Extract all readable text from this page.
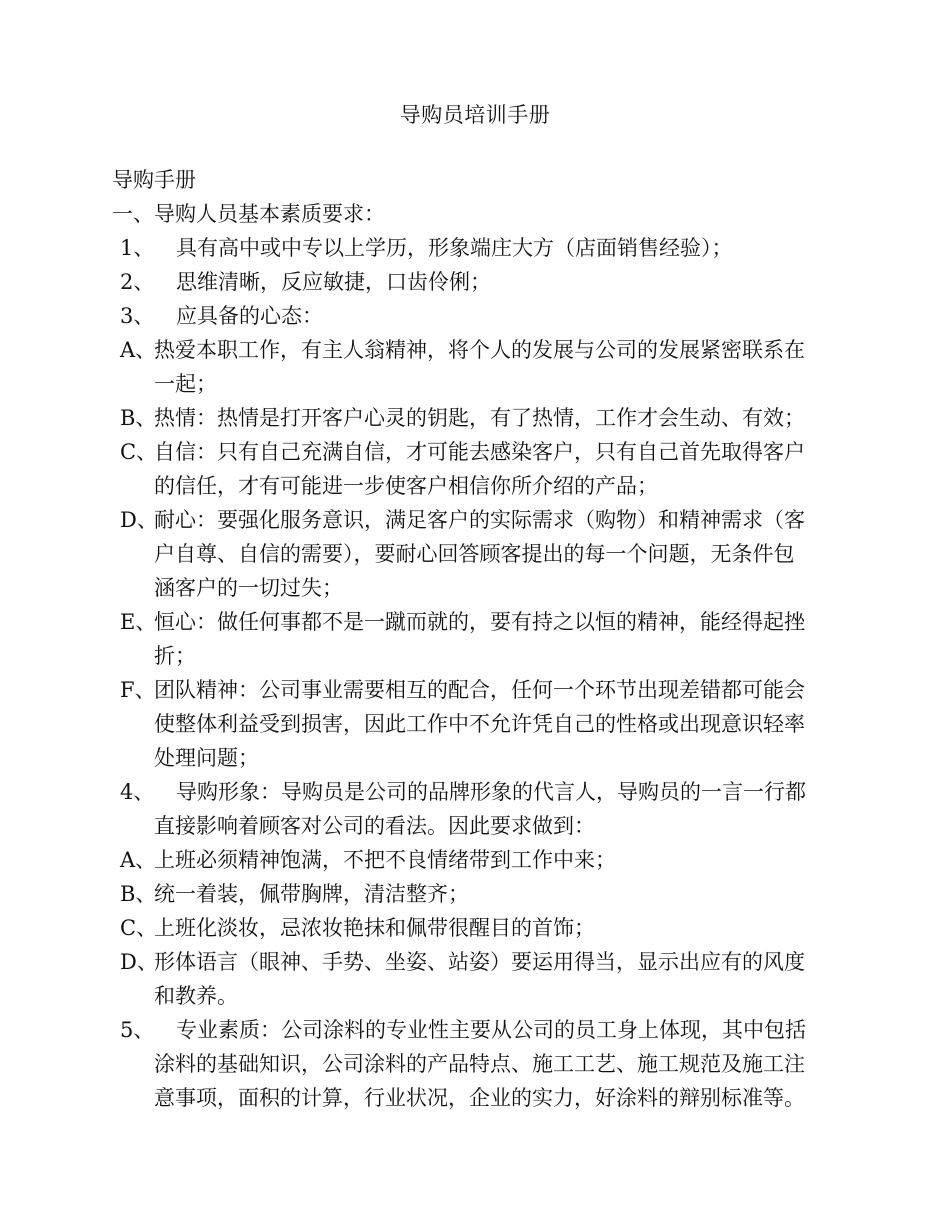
导购员培训手册
导购手册
一、导购人员基本素质要求：
1、	具有高中或中专以上学历，形象端庄大方（店面销售经验）；
2、	思维清晰，反应敏捷，口齿伶俐；
3、	应具备的心态：
A、
热爱本职工作，有主人翁精神，将个人的发展与公司的发展紧密联系在
一起；
B、
热情：热情是打开客户心灵的钥匙，有了热情，工作才会生动、有效；
C、
自信：只有自己充满自信，才可能去感染客户，只有自己首先取得客户
的信任，才有可能进一步使客户相信你所介绍的产品；
D、
耐心：要强化服务意识，满足客户的实际需求（购物）和精神需求（客
户自尊、自信的需要），要耐心回答顾客提出的每一个问题，无条件包
涵客户的一切过失；
E、
恒心：做任何事都不是一蹴而就的，要有持之以恒的精神，能经得起挫
折；
F、
团队精神：公司事业需要相互的配合，任何一个环节出现差错都可能会
使整体利益受到损害，因此工作中不允许凭自己的性格或出现意识轻率
处理问题；
4、	导购形象：导购员是公司的品牌形象的代言人，导购员的一言一行都
直接影响着顾客对公司的看法。因此要求做到：
A、
上班必须精神饱满，不把不良情绪带到工作中来；
B、
统一着装，佩带胸牌，清洁整齐；
C、
上班化淡妆，忌浓妆艳抹和佩带很醒目的首饰；
D、
形体语言（眼神、手势、坐姿、站姿）要运用得当，显示出应有的风度
和教养。
5、	专业素质：公司涂料的专业性主要从公司的员工身上体现，其中包括
涂料的基础知识，公司涂料的产品特点、施工工艺、施工规范及施工注
意事项，面积的计算，行业状况，企业的实力，好涂料的辩别标准等。
